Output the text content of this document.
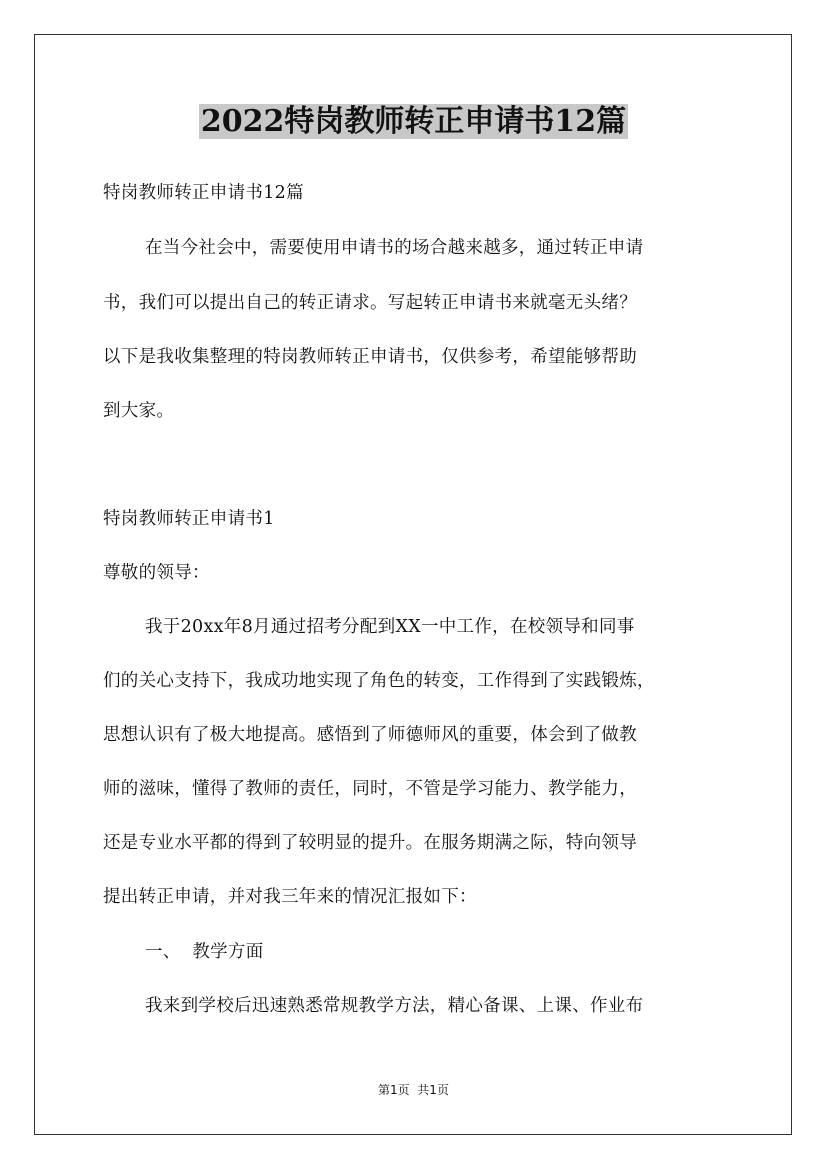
2022特岗教师转正申请书12篇
特岗教师转正申请书12篇
在当今社会中，需要使用申请书的场合越来越多，通过转正申请
书，我们可以提出自己的转正请求。写起转正申请书来就毫无头绪？
以下是我收集整理的特岗教师转正申请书，仅供参考，希望能够帮助
到大家。
特岗教师转正申请书1
尊敬的领导：
我于20xx年8月通过招考分配到XX一中工作，在校领导和同事
们的关心支持下，我成功地实现了角色的转变，工作得到了实践锻炼，
思想认识有了极大地提高。感悟到了师德师风的重要，体会到了做教
师的滋味，懂得了教师的责任，同时，不管是学习能力、教学能力，
还是专业水平都的得到了较明显的提升。在服务期满之际，特向领导
提出转正申请，并对我三年来的情况汇报如下：
一、  教学方面
我来到学校后迅速熟悉常规教学方法，精心备课、上课、作业布
第1页  共1页
